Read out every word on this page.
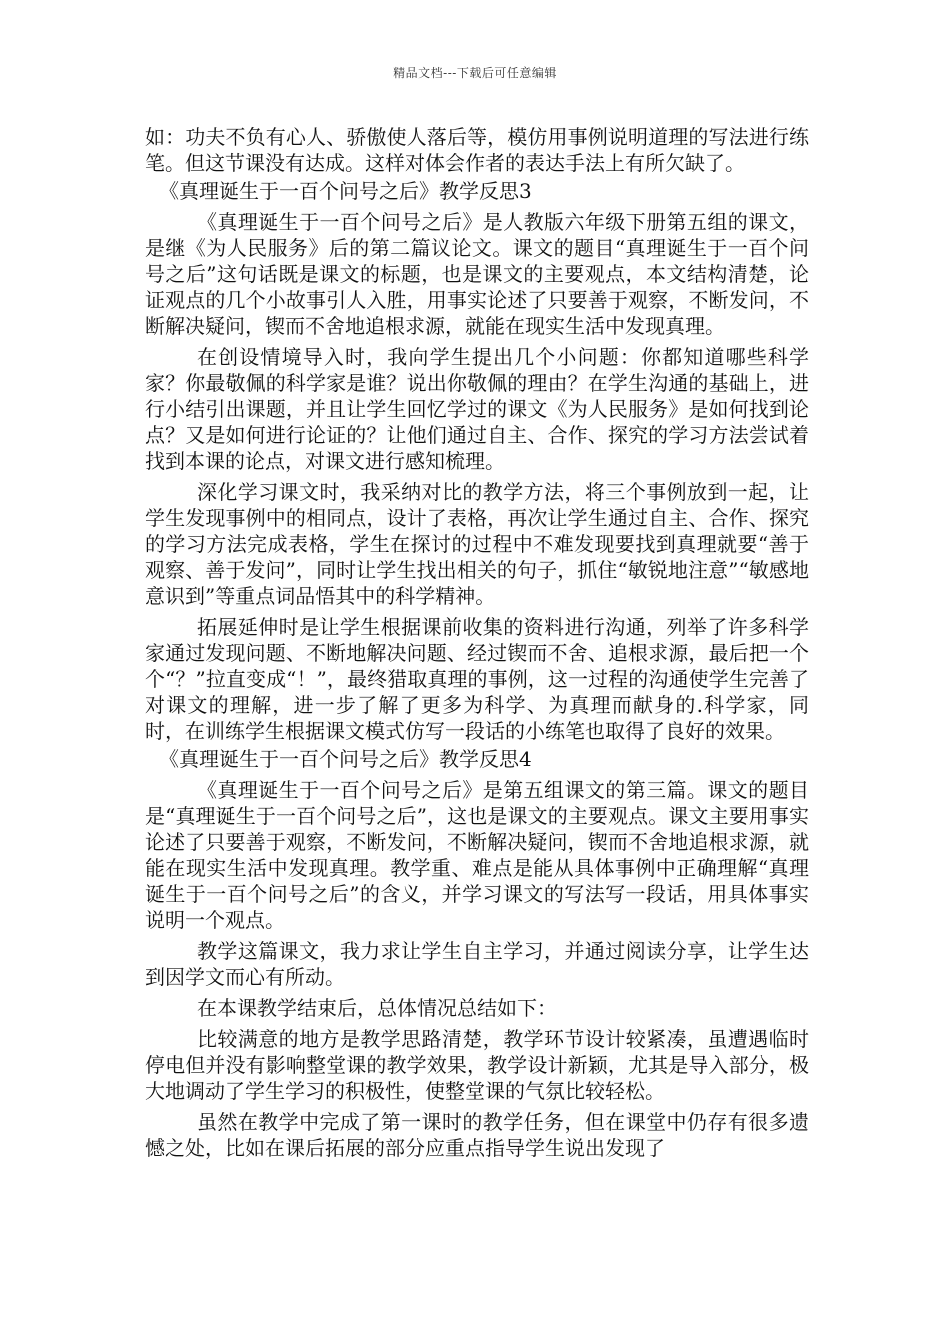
精品文档---下载后可任意编辑

如：功夫不负有心人、骄傲使人落后等，模仿用事例说明道理的写法进行练笔。但这节课没有达成。这样对体会作者的表达手法上有所欠缺了。

《真理诞生于一百个问号之后》教学反思3

《真理诞生于一百个问号之后》是人教版六年级下册第五组的课文，是继《为人民服务》后的第二篇议论文。课文的题目“真理诞生于一百个问号之后”这句话既是课文的标题，也是课文的主要观点，本文结构清楚，论证观点的几个小故事引人入胜，用事实论述了只要善于观察，不断发问，不断解决疑问，锲而不舍地追根求源，就能在现实生活中发现真理。

在创设情境导入时，我向学生提出几个小问题：你都知道哪些科学家？你最敬佩的科学家是谁？说出你敬佩的理由？在学生沟通的基础上，进行小结引出课题，并且让学生回忆学过的课文《为人民服务》是如何找到论点？又是如何进行论证的？让他们通过自主、合作、探究的学习方法尝试着找到本课的论点，对课文进行感知梳理。

深化学习课文时，我采纳对比的教学方法，将三个事例放到一起，让学生发现事例中的相同点，设计了表格，再次让学生通过自主、合作、探究的学习方法完成表格，学生在探讨的过程中不难发现要找到真理就要“善于观察、善于发问”，同时让学生找出相关的句子，抓住“敏锐地注意”“敏感地意识到”等重点词品悟其中的科学精神。

拓展延伸时是让学生根据课前收集的资料进行沟通，列举了许多科学家通过发现问题、不断地解决问题、经过锲而不舍、追根求源，最后把一个个“？”拉直变成“！”，最终猎取真理的事例，这一过程的沟通使学生完善了对课文的理解，进一步了解了更多为科学、为真理而献身的.科学家，同时，在训练学生根据课文模式仿写一段话的小练笔也取得了良好的效果。

《真理诞生于一百个问号之后》教学反思4

《真理诞生于一百个问号之后》是第五组课文的第三篇。课文的题目是“真理诞生于一百个问号之后”，这也是课文的主要观点。课文主要用事实论述了只要善于观察，不断发问，不断解决疑问，锲而不舍地追根求源，就能在现实生活中发现真理。教学重、难点是能从具体事例中正确理解“真理诞生于一百个问号之后”的含义，并学习课文的写法写一段话，用具体事实说明一个观点。

教学这篇课文，我力求让学生自主学习，并通过阅读分享，让学生达到因学文而心有所动。

在本课教学结束后，总体情况总结如下：

比较满意的地方是教学思路清楚，教学环节设计较紧凑，虽遭遇临时停电但并没有影响整堂课的教学效果，教学设计新颖，尤其是导入部分，极大地调动了学生学习的积极性，使整堂课的气氛比较轻松。

虽然在教学中完成了第一课时的教学任务，但在课堂中仍存有很多遗憾之处，比如在课后拓展的部分应重点指导学生说出发现了
